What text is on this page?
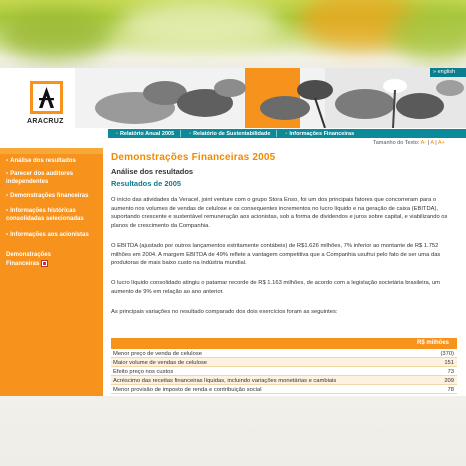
ARACRUZ
» english
• Relatório Anual 2005	• Relatório de Sustentabilidade	• Informações Financeiras
• Análise dos resultados
• Parecer dos auditores independentes
• Demonstrações financeiras
• Informações históricas consolidadas selecionadas
• Informações aos acionistas
Demonstrações Financeiras
Tamanho do Texto: A- | A | A+
Demonstrações Financeiras 2005
Análise dos resultados
Resultados de 2005

O início das atividades da Veracel, joint venture com o grupo Stora Enso, foi um dos principais fatores que concorreram para o aumento nos volumes de vendas de celulose e os consequentes incrementos no lucro líquido e na geração de caixa (EBITDA), suportando crescente e sustentável remuneração aos acionistas, sob a forma de dividendos e juros sobre capital, e viabilizando os planos de crescimento da Companhia.

O EBITDA (ajustado por outros lançamentos estritamente contábeis) de R$1.626 milhões, 7% inferior ao montante de R$ 1.752 milhões em 2004. A margem EBITDA de 49% reflete a vantagem competitiva que a Companhia usufrui pelo fato de ser uma das produtoras de mais baixo custo na indústria mundial.

O lucro líquido consolidado atingiu o patamar recorde de R$ 1.163 milhões, de acordo com a legislação societária brasileira, um aumento de 9% em relação ao ano anterior.

As principais variações no resultado comparado dos dois exercícios foram as seguintes:

R$ milhões
Menor preço de venda de celulose	(370)
Maior volume de vendas de celulose	151
Efeito preço nos custos	73
Acréscimo das receitas financeiras líquidas, incluindo variações monetárias e cambiais	209
Menor provisão de imposto de renda e contribuição social	78
